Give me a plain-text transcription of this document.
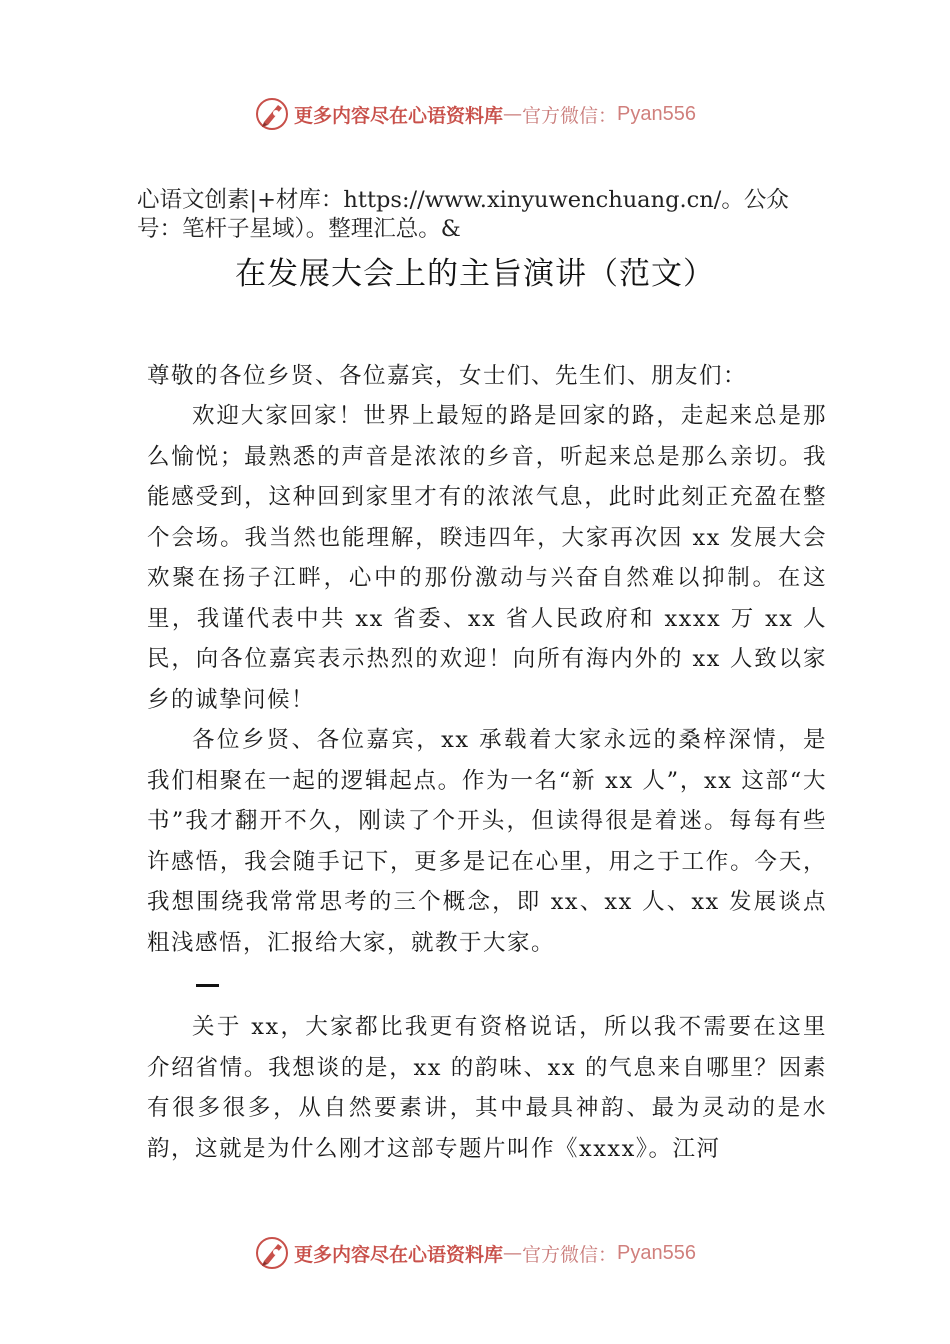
更多内容尽在心语资料库 — 官方微信： Pyan556
心语文创素|+材库：https://www.xinyuwenchuang.cn/。公众号：笔杆子星域）。整理汇总。&
在发展大会上的主旨演讲（范文）

尊敬的各位乡贤、各位嘉宾，女士们、先生们、朋友们：

欢迎大家回家！世界上最短的路是回家的路，走起来总是那么愉悦；最熟悉的声音是浓浓的乡音，听起来总是那么亲切。我能感受到，这种回到家里才有的浓浓气息，此时此刻正充盈在整个会场。我当然也能理解，睽违四年，大家再次因 xx 发展大会欢聚在扬子江畔，心中的那份激动与兴奋自然难以抑制。在这里，我谨代表中共 xx 省委、xx 省人民政府和 xxxx 万 xx 人民，向各位嘉宾表示热烈的欢迎！向所有海内外的 xx 人致以家乡的诚挚问候！

各位乡贤、各位嘉宾，xx 承载着大家永远的桑梓深情，是我们相聚在一起的逻辑起点。作为一名“新 xx 人”，xx 这部“大书”我才翻开不久，刚读了个开头，但读得很是着迷。每每有些许感悟，我会随手记下，更多是记在心里，用之于工作。今天，我想围绕我常常思考的三个概念，即 xx、xx 人、xx 发展谈点粗浅感悟，汇报给大家，就教于大家。

关于 xx，大家都比我更有资格说话，所以我不需要在这里介绍省情。我想谈的是，xx 的韵味、xx 的气息来自哪里？因素有很多很多，从自然要素讲，其中最具神韵、最为灵动的是水韵，这就是为什么刚才这部专题片叫作《xxxx》。江河

更多内容尽在心语资料库 — 官方微信： Pyan556
